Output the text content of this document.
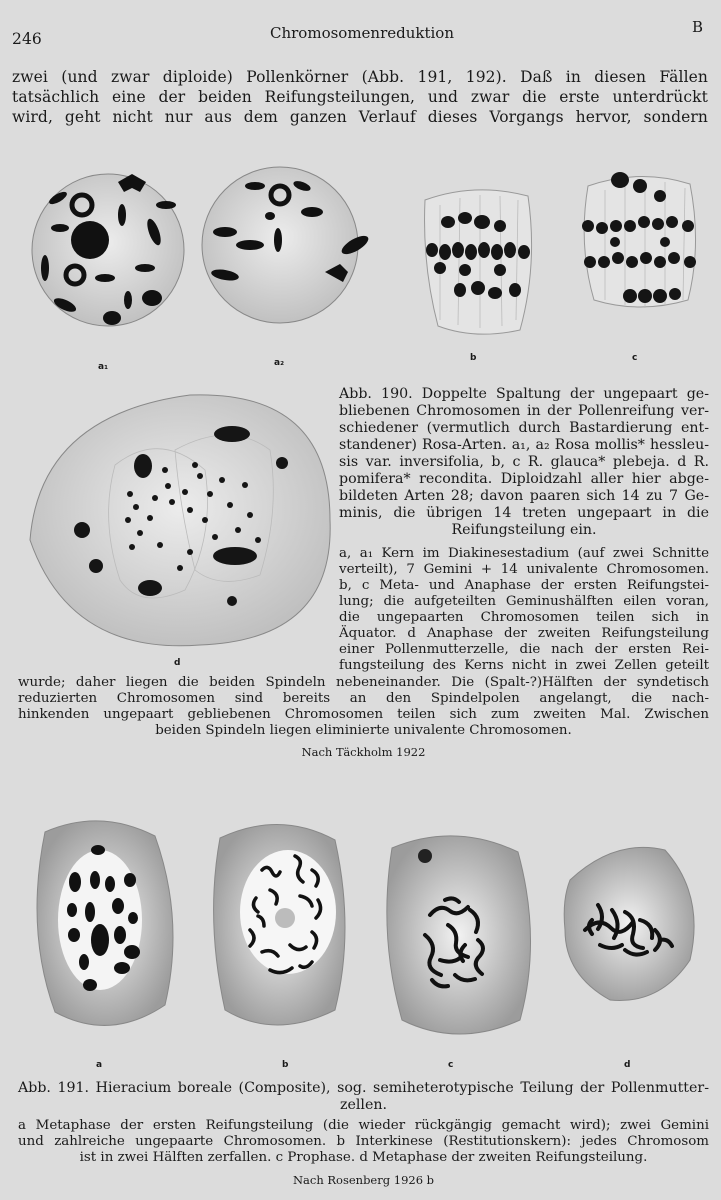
246	Chromosomenreduktion	B
zwei (und zwar diploide) Pollenkörner (Abb. 191, 192). Daß in diesen Fällen
tatsächlich eine der beiden Reifungsteilungen, und zwar die erste unterdrückt
wird, geht nicht nur aus dem ganzen Verlauf dieses Vorgangs hervor, sondern
a₁	a₂	b	c
d
Abb. 190. Doppelte Spaltung der ungepaart ge-
bliebenen Chromosomen in der Pollenreifung ver-
schiedener (vermutlich durch Bastardierung ent-
standener) Rosa-Arten. a₁, a₂ Rosa mollis* hessleu-
sis var. inversifolia, b, c R. glauca* plebeja. d R.
pomifera* recondita. Diploidzahl aller hier abge-
bildeten Arten 28; davon paaren sich 14 zu 7 Ge-
minis, die übrigen 14 treten ungepaart in die
Reifungsteilung ein.
a, a₁ Kern im Diakinesestadium (auf zwei Schnitte
verteilt), 7 Gemini + 14 univalente Chromosomen.
b, c Meta- und Anaphase der ersten Reifungstei-
lung; die aufgeteilten Geminushälften eilen voran,
die ungepaarten Chromosomen teilen sich in
Äquator. d Anaphase der zweiten Reifungsteilung
einer Pollenmutterzelle, die nach der ersten Rei-
fungsteilung des Kerns nicht in zwei Zellen geteilt
wurde; daher liegen die beiden Spindeln nebeneinander. Die (Spalt-?)Hälften der syndetisch
reduzierten Chromosomen sind bereits an den Spindelpolen angelangt, die nach-
hinkenden ungepaart gebliebenen Chromosomen teilen sich zum zweiten Mal. Zwischen
beiden Spindeln liegen eliminierte univalente Chromosomen.
Nach Täckholm 1922
a	b	c	d
Abb. 191. Hieracium boreale (Composite), sog. semiheterotypische Teilung der Pollenmutter-
zellen.
a Metaphase der ersten Reifungsteilung (die wieder rückgängig gemacht wird); zwei Gemini
und zahlreiche ungepaarte Chromosomen. b Interkinese (Restitutionskern): jedes Chromosom
ist in zwei Hälften zerfallen. c Prophase. d Metaphase der zweiten Reifungsteilung.
Nach Rosenberg 1926 b
